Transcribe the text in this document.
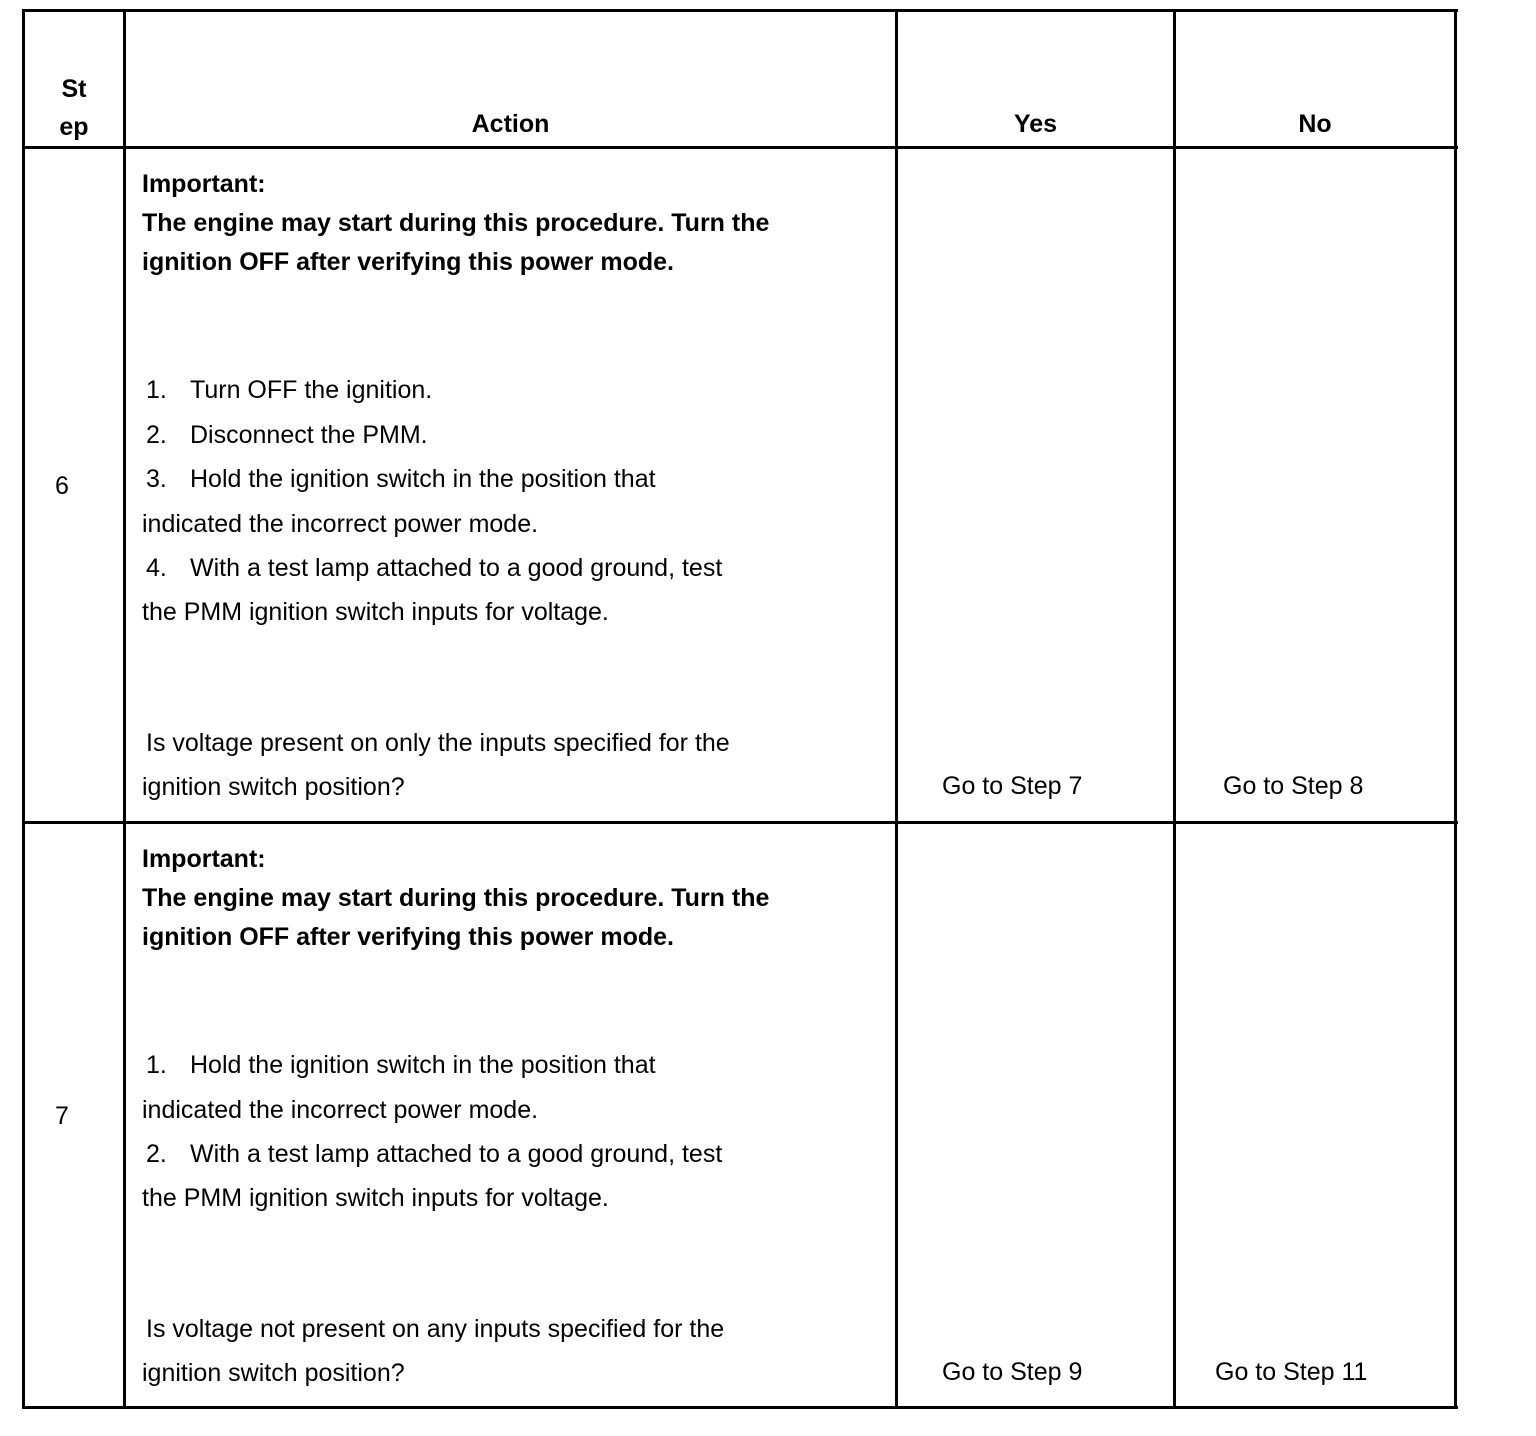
St
ep	Action	Yes	No
6
Important:
The engine may start during this procedure. Turn the
ignition OFF after verifying this power mode.
1. Turn OFF the ignition.
2. Disconnect the PMM.
3. Hold the ignition switch in the position that
indicated the incorrect power mode.
4. With a test lamp attached to a good ground, test
the PMM ignition switch inputs for voltage.
Is voltage present on only the inputs specified for the
ignition switch position?	Go to Step 7	Go to Step 8
7
Important:
The engine may start during this procedure. Turn the
ignition OFF after verifying this power mode.
1. Hold the ignition switch in the position that
indicated the incorrect power mode.
2. With a test lamp attached to a good ground, test
the PMM ignition switch inputs for voltage.
Is voltage not present on any inputs specified for the
ignition switch position?	Go to Step 9	Go to Step 11
